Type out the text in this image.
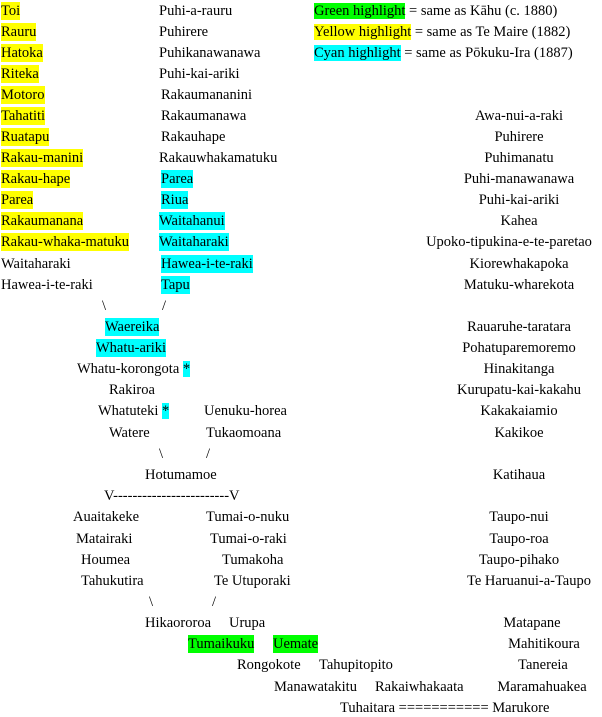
Green highlight = same as Kāhu (c. 1880)
Yellow highlight = same as Te Maire (1882)
Cyan highlight = same as Pōkuku-Ira (1887)
Toi
Rauru
Hatoka
Riteka
Motoro
Tahatiti
Ruatapu
Rakau-manini
Rakau-hape
Parea
Rakaumanana
Rakau-whaka-matuku
Waitaharaki
Hawea-i-te-raki
Puhi-a-rauru
Puhirere
Puhikanawanawa
Puhi-kai-ariki
Rakaumananini
Rakaumanawa
Rakauhape
Rakauwhakamatuku
Parea
Riua
Waitahanui
Waitaharaki
Hawea-i-te-raki
Tapu
Awa-nui-a-raki
Puhirere
Puhimanatu
Puhi-manawanawa
Puhi-kai-ariki
Kahea
Upoko-tipukina-e-te-paretao
Kiorewhakapoka
Matuku-wharekota
Rauaruhe-taratara
Pohatuparemoremo
Hinakitanga
Kurupatu-kai-kakahu
Kakakaiamio
Kakikoe
Katihaua
Taupo-nui
Taupo-roa
Taupo-pihako
Te Haruanui-a-Taupo
Matapane
Mahitikoura
Tanereia
Maramahuakea
\	/
Waereika
Whatu-ariki
Whatu-korongota *
Rakiroa
Whatuteki * Uenuku-horea
Watere	Tukaomoana
\	/
Hotumamoe
V------------------------V
Auaitakeke
Matairaki
Houmea
Tahukutira
Tumai-o-nuku
Tumai-o-raki
Tumakoha
Te Utuporaki
\	/
Hikaororoa Urupa
Tumaikuku Uemate
Rongokote Tahupitopito
Manawatakitu Rakaiwhakaata
Tuhaitara =========== Marukore
